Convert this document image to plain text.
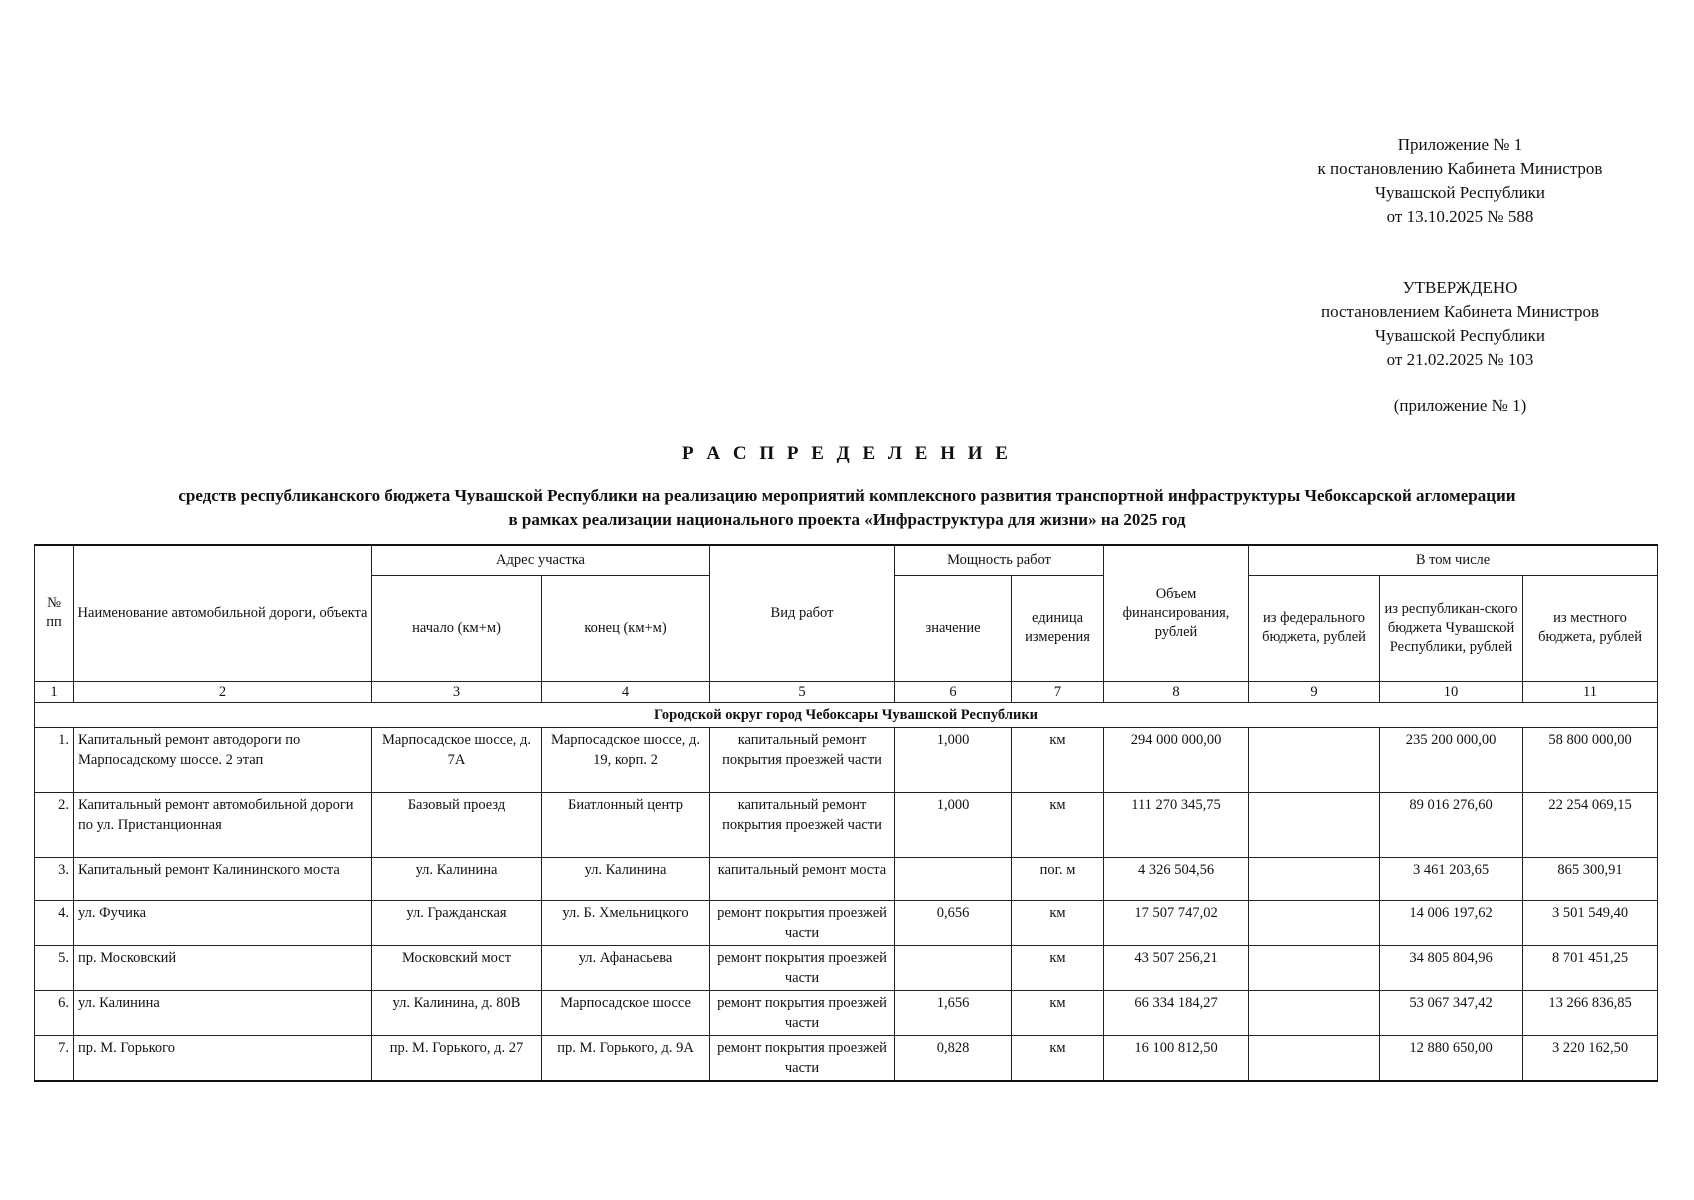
Приложение № 1
к постановлению Кабинета Министров
Чувашской Республики
от 13.10.2025 № 588
УТВЕРЖДЕНО
постановлением Кабинета Министров
Чувашской Республики
от 21.02.2025 № 103
(приложение № 1)
Р А С П Р Е Д Е Л Е Н И Е
средств республиканского бюджета Чувашской Республики на реализацию мероприятий комплексного развития транспортной инфраструктуры Чебоксарской агломерации
в рамках реализации национального проекта «Инфраструктура для жизни» на 2025 год
№ пп	Наименование автомобильной дороги, объекта	Адрес участка		Вид работ	Мощность работ		Объем финансирования, рублей	В том числе		
		начало (км+м)	конец (км+м)		значение	единица измерения		из федерального бюджета, рублей	из республикан-ского бюджета Чувашской Республики, рублей	из местного бюджета, рублей
1	2	3	4	5	6	7	8	9	10	11
Городской округ город Чебоксары Чувашской Республики										
1.	Капитальный ремонт автодороги по Марпосадскому шоссе. 2 этап	Марпосадское шоссе, д. 7А	Марпосадское шоссе, д. 19, корп. 2	капитальный ремонт покрытия проезжей части	1,000	км	294 000 000,00		235 200 000,00	58 800 000,00
2.	Капитальный ремонт автомобильной дороги по ул. Пристанционная	Базовый проезд	Биатлонный центр	капитальный ремонт покрытия проезжей части	1,000	км	111 270 345,75		89 016 276,60	22 254 069,15
3.	Капитальный ремонт Калининского моста	ул. Калинина	ул. Калинина	капитальный ремонт моста		пог. м	4 326 504,56		3 461 203,65	865 300,91
4.	ул. Фучика	ул. Гражданская	ул. Б. Хмельницкого	ремонт покрытия проезжей части	0,656	км	17 507 747,02		14 006 197,62	3 501 549,40
5.	пр. Московский	Московский мост	ул. Афанасьева	ремонт покрытия проезжей части		км	43 507 256,21		34 805 804,96	8 701 451,25
6.	ул. Калинина	ул. Калинина, д. 80В	Марпосадское шоссе	ремонт покрытия проезжей части	1,656	км	66 334 184,27		53 067 347,42	13 266 836,85
7.	пр. М. Горького	пр. М. Горького, д. 27	пр. М. Горького, д. 9А	ремонт покрытия проезжей части	0,828	км	16 100 812,50		12 880 650,00	3 220 162,50
